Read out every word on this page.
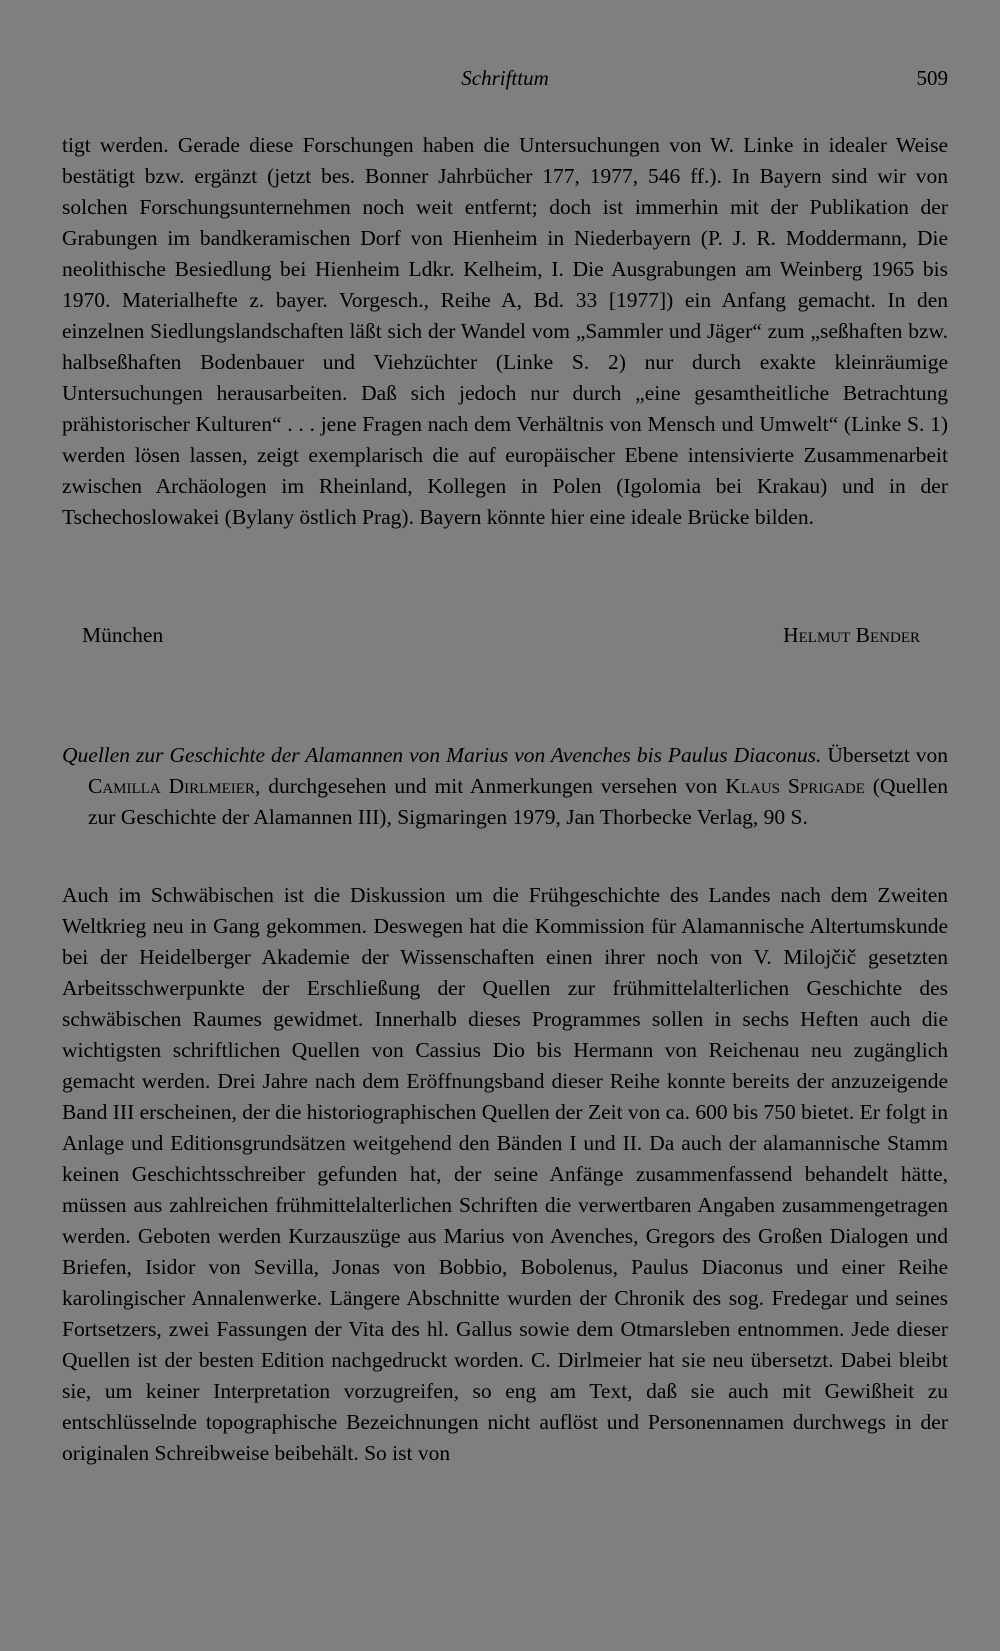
Schrifttum	509
tigt werden. Gerade diese Forschungen haben die Untersuchungen von W. Linke in idealer Weise bestätigt bzw. ergänzt (jetzt bes. Bonner Jahrbücher 177, 1977, 546 ff.). In Bayern sind wir von solchen Forschungsunternehmen noch weit entfernt; doch ist immerhin mit der Publikation der Grabungen im bandkeramischen Dorf von Hienheim in Niederbayern (P. J. R. Moddermann, Die neolithische Besiedlung bei Hienheim Ldkr. Kelheim, I. Die Ausgrabungen am Weinberg 1965 bis 1970. Materialhefte z. bayer. Vorgesch., Reihe A, Bd. 33 [1977]) ein Anfang gemacht. In den einzelnen Siedlungslandschaften läßt sich der Wandel vom „Sammler und Jäger“ zum „seßhaften bzw. halbseßhaften Bodenbauer und Viehzüchter (Linke S. 2) nur durch exakte kleinräumige Untersuchungen herausarbeiten. Daß sich jedoch nur durch „eine gesamtheitliche Betrachtung prähistorischer Kulturen“ . . . jene Fragen nach dem Verhältnis von Mensch und Umwelt“ (Linke S. 1) werden lösen lassen, zeigt exemplarisch die auf europäischer Ebene intensivierte Zusammenarbeit zwischen Archäologen im Rheinland, Kollegen in Polen (Igolomia bei Krakau) und in der Tschechoslowakei (Bylany östlich Prag). Bayern könnte hier eine ideale Brücke bilden.
München	Helmut Bender
Quellen zur Geschichte der Alamannen von Marius von Avenches bis Paulus Diaconus. Übersetzt von Camilla Dirlmeier, durchgesehen und mit Anmerkungen versehen von Klaus Sprigade (Quellen zur Geschichte der Alamannen III), Sigmaringen 1979, Jan Thorbecke Verlag, 90 S.
Auch im Schwäbischen ist die Diskussion um die Frühgeschichte des Landes nach dem Zweiten Weltkrieg neu in Gang gekommen. Deswegen hat die Kommission für Alamannische Altertumskunde bei der Heidelberger Akademie der Wissenschaften einen ihrer noch von V. Milojčič gesetzten Arbeitsschwerpunkte der Erschließung der Quellen zur frühmittelalterlichen Geschichte des schwäbischen Raumes gewidmet. Innerhalb dieses Programmes sollen in sechs Heften auch die wichtigsten schriftlichen Quellen von Cassius Dio bis Hermann von Reichenau neu zugänglich gemacht werden. Drei Jahre nach dem Eröffnungsband dieser Reihe konnte bereits der anzuzeigende Band III erscheinen, der die historiographischen Quellen der Zeit von ca. 600 bis 750 bietet. Er folgt in Anlage und Editionsgrundsätzen weitgehend den Bänden I und II. Da auch der alamannische Stamm keinen Geschichtsschreiber gefunden hat, der seine Anfänge zusammenfassend behandelt hätte, müssen aus zahlreichen frühmittelalterlichen Schriften die verwertbaren Angaben zusammengetragen werden. Geboten werden Kurzauszüge aus Marius von Avenches, Gregors des Großen Dialogen und Briefen, Isidor von Sevilla, Jonas von Bobbio, Bobolenus, Paulus Diaconus und einer Reihe karolingischer Annalenwerke. Längere Abschnitte wurden der Chronik des sog. Fredegar und seines Fortsetzers, zwei Fassungen der Vita des hl. Gallus sowie dem Otmarsleben entnommen. Jede dieser Quellen ist der besten Edition nachgedruckt worden. C. Dirlmeier hat sie neu übersetzt. Dabei bleibt sie, um keiner Interpretation vorzugreifen, so eng am Text, daß sie auch mit Gewißheit zu entschlüsselnde topographische Bezeichnungen nicht auflöst und Personennamen durchwegs in der originalen Schreibweise beibehält. So ist von
